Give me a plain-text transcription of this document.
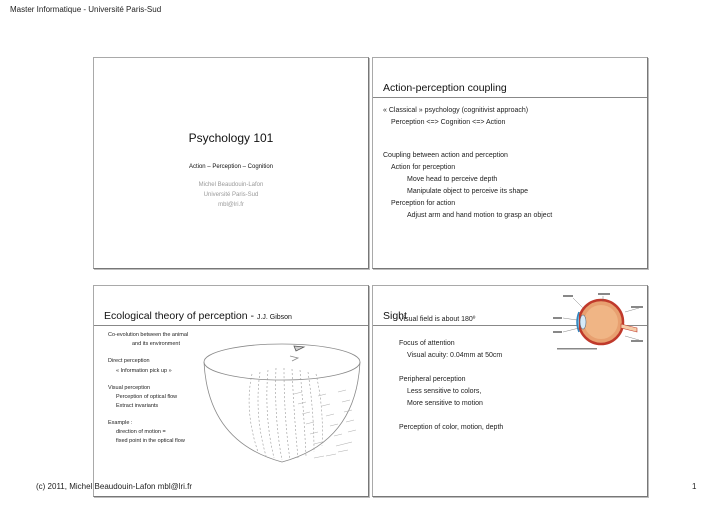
Master Informatique - Université Paris-Sud
Psychology 101
Action – Perception – Cognition
Michel Beaudouin-Lafon
Université Paris-Sud
mbl@lri.fr
Action-perception coupling
« Classical » psychology (cognitivist approach)
Perception <=> Cognition <=> Action
Coupling between action and perception
Action for perception
Move head to perceive depth
Manipulate object to perceive its shape
Perception for action
Adjust arm and hand motion to grasp an object
Ecological theory of perception - J.J. Gibson
Co-evolution between the animal
and its environment
Direct perception
« Information pick up »
Visual perception
Perception of optical flow
Extract invariants
Example :
direction of motion =
fixed point in the optical flow
Sight
Visual field is about 180º
Focus of attention
Visual acuity: 0.04mm at 50cm
Peripheral perception
Less sensitive to colors,
More sensitive to motion
Perception of color, motion, depth
(c) 2011, Michel Beaudouin-Lafon mbl@lri.fr	1
